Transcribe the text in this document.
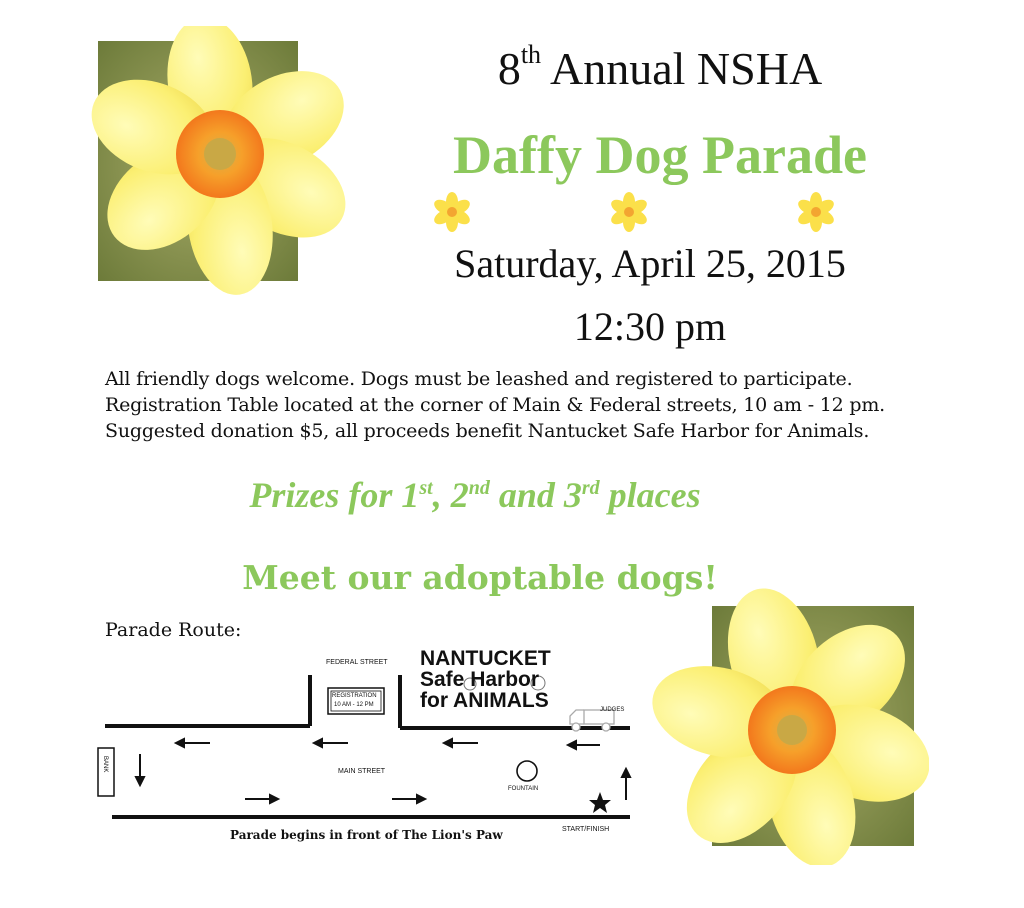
8th Annual NSHA
Daffy Dog Parade
Saturday, April 25, 2015
12:30 pm
All friendly dogs welcome. Dogs must be leashed and registered to participate. Registration Table located at the corner of Main & Federal streets, 10 am - 12 pm. Suggested donation $5, all proceeds benefit Nantucket Safe Harbor for Animals.
Prizes for 1st, 2nd and 3rd places
Meet our adoptable dogs!
Parade Route:
FEDERAL STREET
REGISTRATION
10 AM - 12 PM
NANTUCKET
Safe Harbor
for ANIMALS	JUDGES
BANK	MAIN STREET
FOUNTAIN
START/FINISH
Parade begins in front of The Lion's Paw
